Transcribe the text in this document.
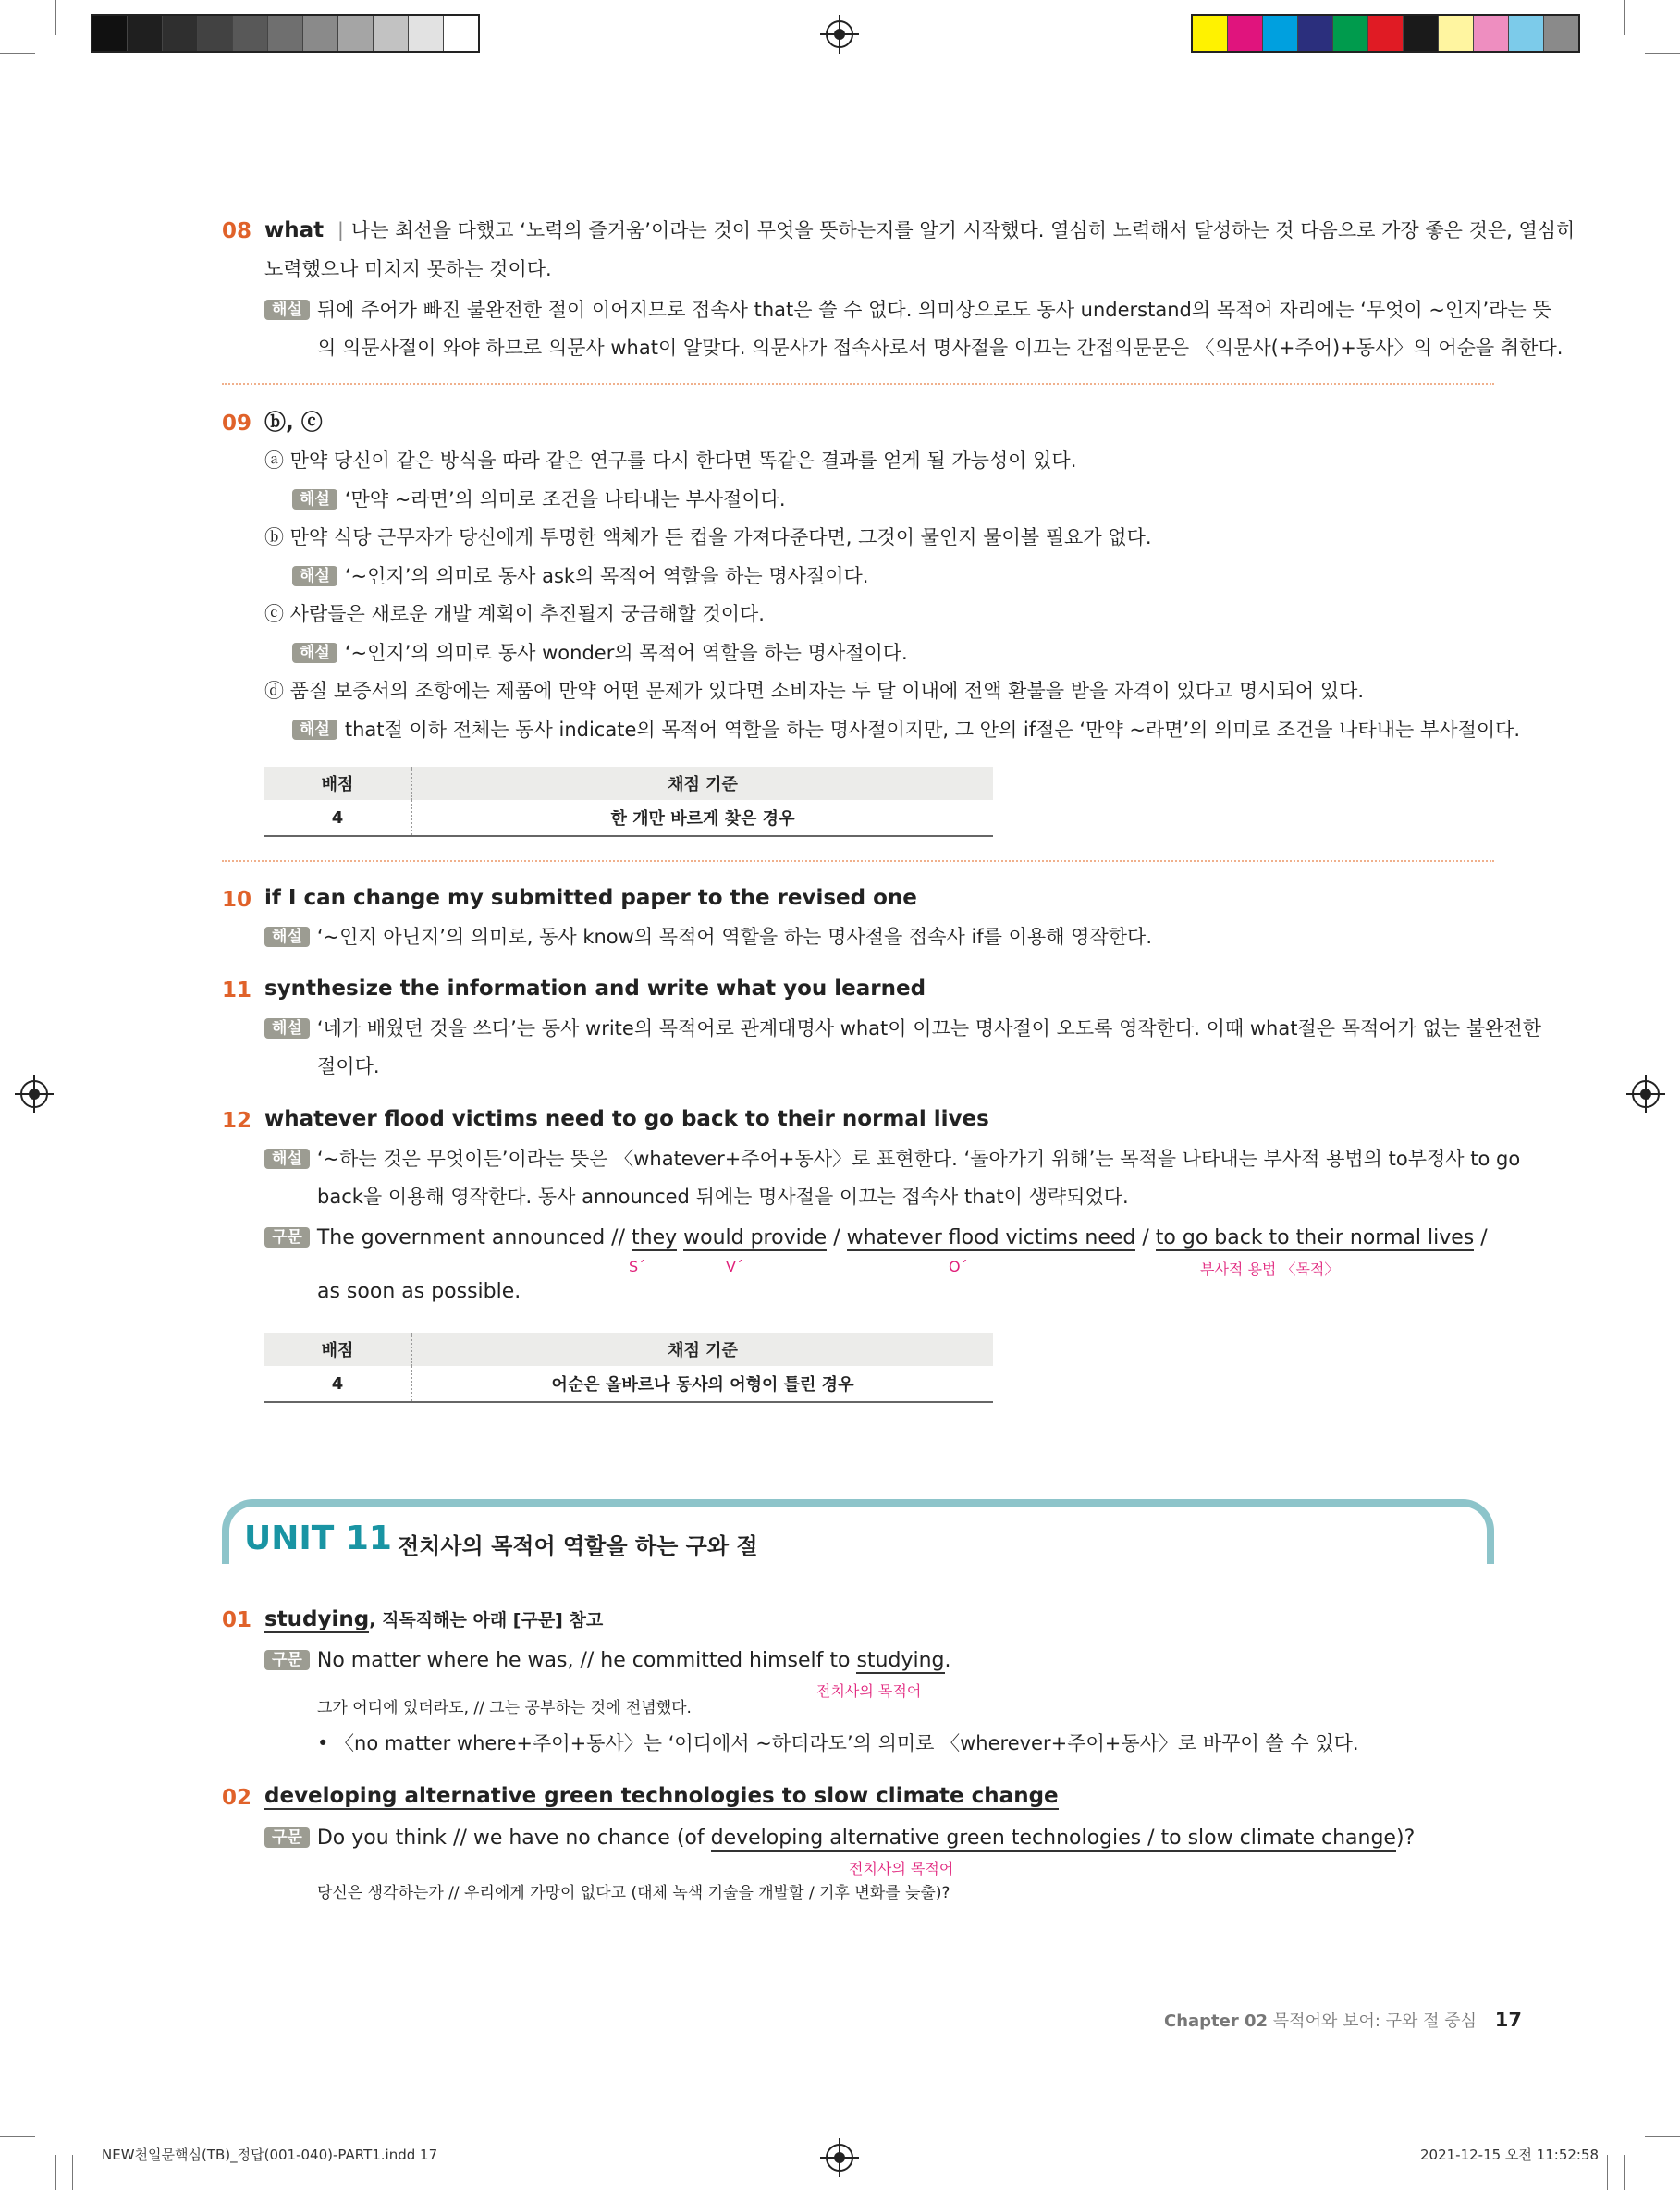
08 what | 나는 최선을 다했고 ‘노력의 즐거움’이라는 것이 무엇을 뜻하는지를 알기 시작했다. 열심히 노력해서 달성하는 것 다음으로 가장 좋은 것은, 열심히
노력했으나 미치지 못하는 것이다.
해설 뒤에 주어가 빠진 불완전한 절이 이어지므로 접속사 that은 쓸 수 없다. 의미상으로도 동사 understand의 목적어 자리에는 ‘무엇이 ~인지’라는 뜻
의 의문사절이 와야 하므로 의문사 what이 알맞다. 의문사가 접속사로서 명사절을 이끄는 간접의문문은 〈의문사(+주어)+동사〉의 어순을 취한다.
09 ⓑ, ⓒ
ⓐ 만약 당신이 같은 방식을 따라 같은 연구를 다시 한다면 똑같은 결과를 얻게 될 가능성이 있다.
해설 ‘만약 ~라면’의 의미로 조건을 나타내는 부사절이다.
ⓑ 만약 식당 근무자가 당신에게 투명한 액체가 든 컵을 가져다준다면, 그것이 물인지 물어볼 필요가 없다.
해설 ‘~인지’의 의미로 동사 ask의 목적어 역할을 하는 명사절이다.
ⓒ 사람들은 새로운 개발 계획이 추진될지 궁금해할 것이다.
해설 ‘~인지’의 의미로 동사 wonder의 목적어 역할을 하는 명사절이다.
ⓓ 품질 보증서의 조항에는 제품에 만약 어떤 문제가 있다면 소비자는 두 달 이내에 전액 환불을 받을 자격이 있다고 명시되어 있다.
해설 that절 이하 전체는 동사 indicate의 목적어 역할을 하는 명사절이지만, 그 안의 if절은 ‘만약 ~라면’의 의미로 조건을 나타내는 부사절이다.
배점	채점 기준
4	한 개만 바르게 찾은 경우
10 if I can change my submitted paper to the revised one
해설 ‘~인지 아닌지’의 의미로, 동사 know의 목적어 역할을 하는 명사절을 접속사 if를 이용해 영작한다.
11 synthesize the information and write what you learned
해설 ‘네가 배웠던 것을 쓰다’는 동사 write의 목적어로 관계대명사 what이 이끄는 명사절이 오도록 영작한다. 이때 what절은 목적어가 없는 불완전한
절이다.
12 whatever flood victims need to go back to their normal lives
해설 ‘~하는 것은 무엇이든’이라는 뜻은 〈whatever+주어+동사〉로 표현한다. ‘돌아가기 위해’는 목적을 나타내는 부사적 용법의 to부정사 to go
back을 이용해 영작한다. 동사 announced 뒤에는 명사절을 이끄는 접속사 that이 생략되었다.
구문 The government announced // they would provide / whatever flood victims need / to go back to their normal lives /
S´	V´	O´	부사적 용법 〈목적〉
as soon as possible.
배점	채점 기준
4	어순은 올바르나 동사의 어형이 틀린 경우
UNIT 11 전치사의 목적어 역할을 하는 구와 절
01 studying, 직독직해는 아래 [구문] 참고
구문 No matter where he was, // he committed himself to studying.
전치사의 목적어
그가 어디에 있더라도, // 그는 공부하는 것에 전념했다.
• 〈no matter where+주어+동사〉는 ‘어디에서 ~하더라도’의 의미로 〈wherever+주어+동사〉로 바꾸어 쓸 수 있다.
02 developing alternative green technologies to slow climate change
구문 Do you think // we have no chance (of developing alternative green technologies / to slow climate change)?
전치사의 목적어
당신은 생각하는가 // 우리에게 가망이 없다고 (대체 녹색 기술을 개발할 / 기후 변화를 늦출)?
Chapter 02 목적어와 보어: 구와 절 중심 17
NEW천일문핵심(TB)_정답(001-040)-PART1.indd 17	2021-12-15 오전 11:52:58
